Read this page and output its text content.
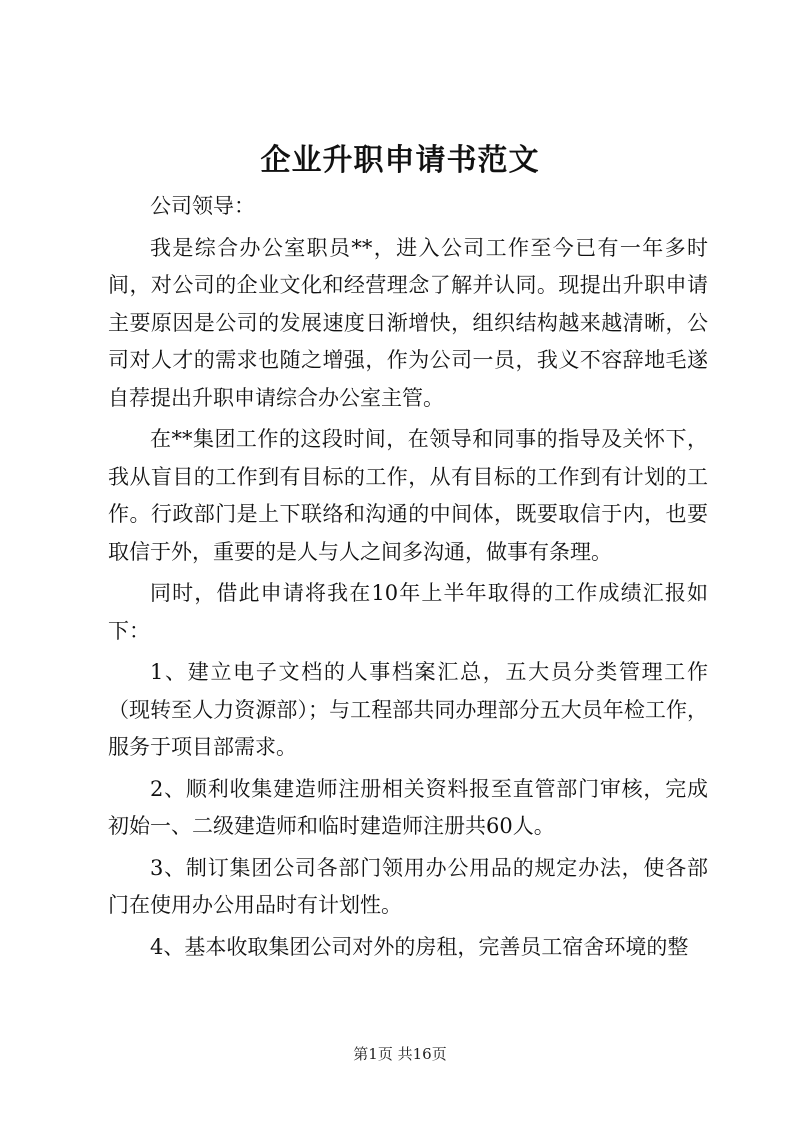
企业升职申请书范文

公司领导：

我是综合办公室职员**，进入公司工作至今已有一年多时间，对公司的企业文化和经营理念了解并认同。现提出升职申请主要原因是公司的发展速度日渐增快，组织结构越来越清晰，公司对人才的需求也随之增强，作为公司一员，我义不容辞地毛遂自荐提出升职申请综合办公室主管。

在**集团工作的这段时间，在领导和同事的指导及关怀下，我从盲目的工作到有目标的工作，从有目标的工作到有计划的工作。行政部门是上下联络和沟通的中间体，既要取信于内，也要取信于外，重要的是人与人之间多沟通，做事有条理。

同时，借此申请将我在10年上半年取得的工作成绩汇报如下：

1、建立电子文档的人事档案汇总，五大员分类管理工作（现转至人力资源部）；与工程部共同办理部分五大员年检工作，服务于项目部需求。

2、顺利收集建造师注册相关资料报至直管部门审核，完成初始一、二级建造师和临时建造师注册共60人。

3、制订集团公司各部门领用办公用品的规定办法，使各部门在使用办公用品时有计划性。

4、基本收取集团公司对外的房租，完善员工宿舍环境的整

第1页 共16页
